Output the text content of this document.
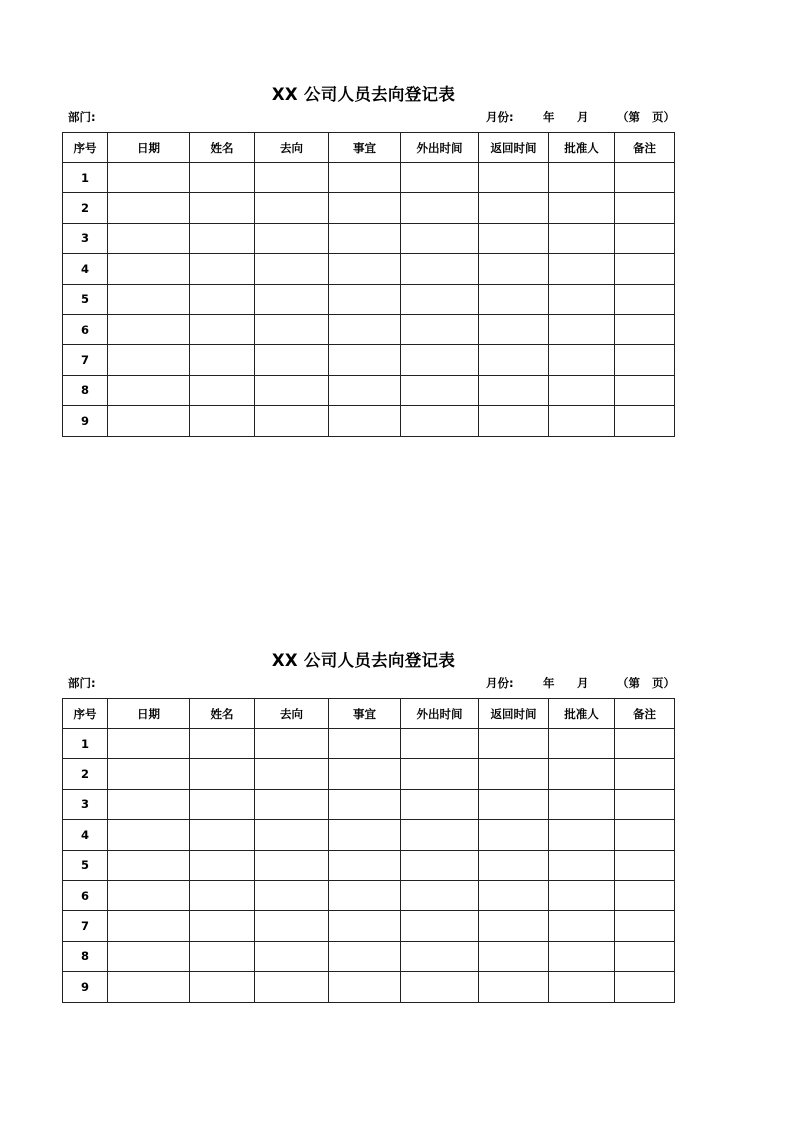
XX 公司人员去向登记表
部门:	月份:	年 月 （第   页）
序号	日期	姓名	去向	事宜	外出时间	返回时间	批准人	备注
1								
2								
3								
4								
5								
6								
7								
8								
9								
XX 公司人员去向登记表
部门:	月份:	年 月 （第   页）
序号	日期	姓名	去向	事宜	外出时间	返回时间	批准人	备注
1								
2								
3								
4								
5								
6								
7								
8								
9								
